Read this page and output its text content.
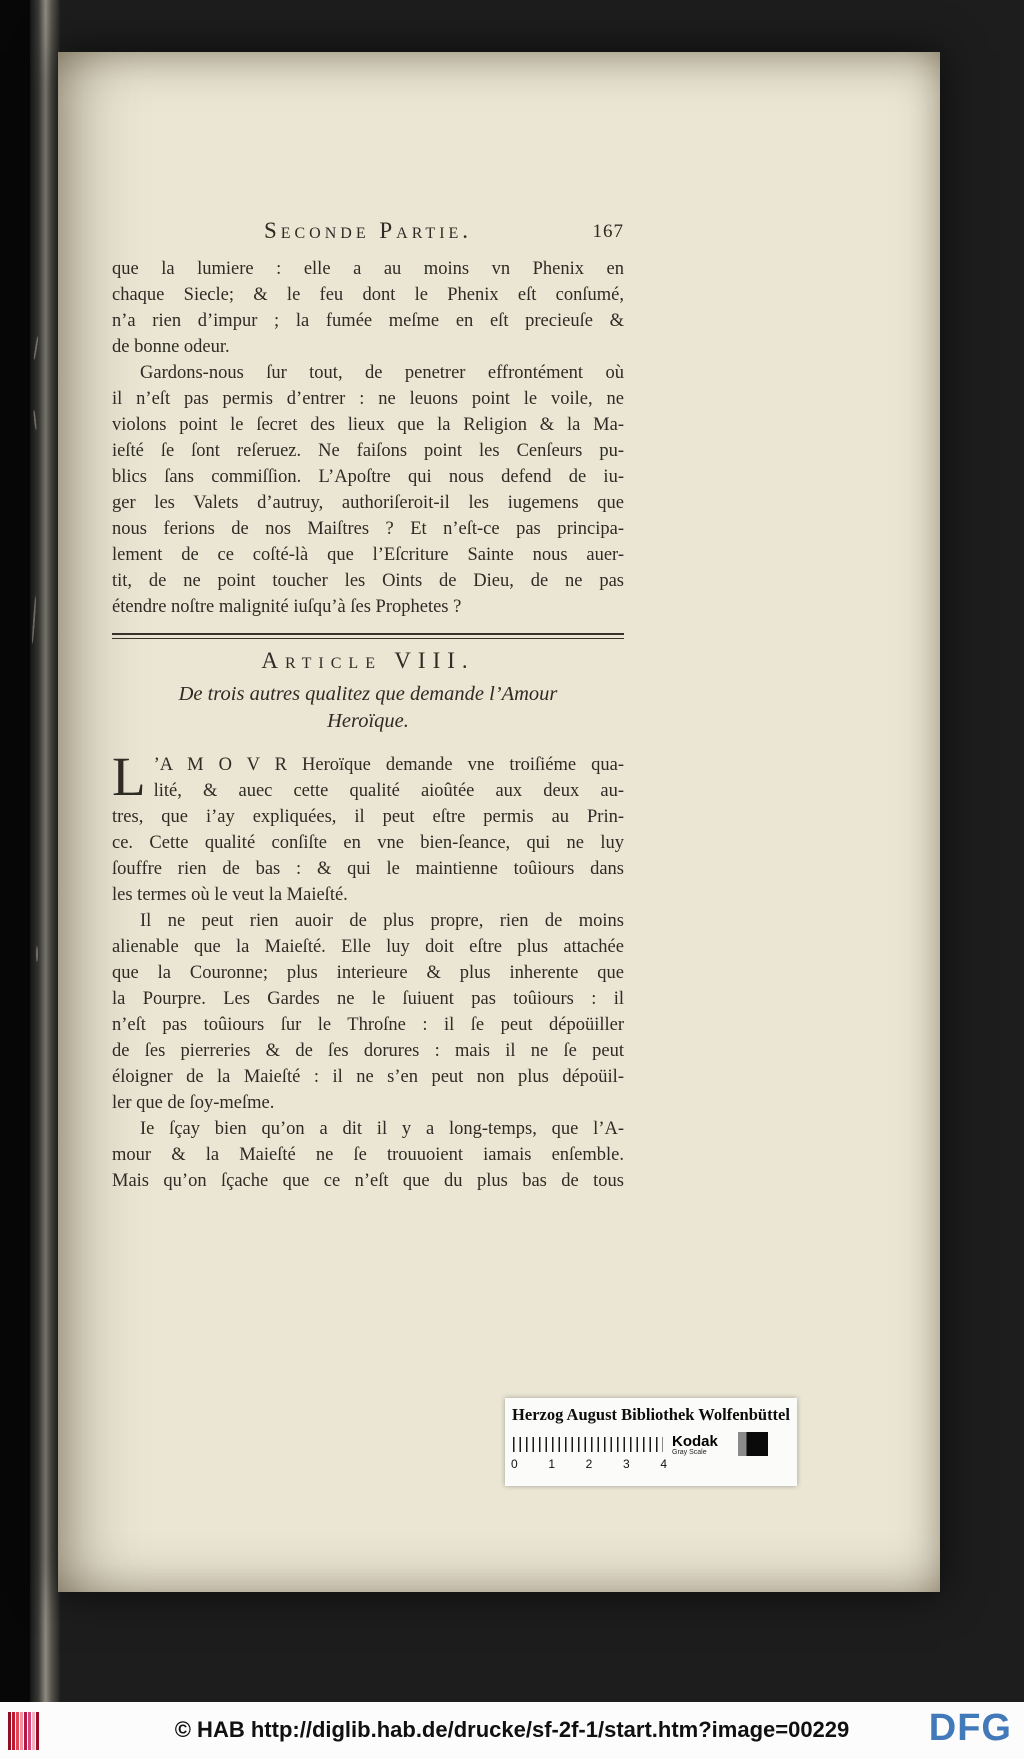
Seconde Partie.	167
que la lumiere : elle a au moins vn Phenix en
chaque Siecle; & le feu dont le Phenix eſt conſumé,
n’a rien d’impur ; la fumée meſme en eſt precieuſe &
de bonne odeur.
Gardons-nous ſur tout, de penetrer effrontément où
il n’eſt pas permis d’entrer : ne leuons point le voile, ne
violons point le ſecret des lieux que la Religion & la Ma-
ieſté ſe ſont reſeruez. Ne faiſons point les Cenſeurs pu-
blics ſans commiſſion. L’Apoſtre qui nous defend de iu-
ger les Valets d’autruy, authoriſeroit-il les iugemens que
nous ferions de nos Maiſtres ? Et n’eſt-ce pas principa-
lement de ce coſté-là que l’Eſcriture Sainte nous auer-
tit, de ne point toucher les Oints de Dieu, de ne pas
étendre noſtre malignité iuſqu’à ſes Prophetes ?
Article VIII.
De trois autres qualitez que demande l’Amour
Heroïque.
L ’A M O V R Heroïque demande vne troiſiéme qua-
lité, & auec cette qualité aioûtée aux deux au-
tres, que i’ay expliquées, il peut eſtre permis au Prin-
ce. Cette qualité conſiſte en vne bien-ſeance, qui ne luy
ſouffre rien de bas : & qui le maintienne toûiours dans
les termes où le veut la Maieſté.
Il ne peut rien auoir de plus propre, rien de moins
alienable que la Maieſté. Elle luy doit eſtre plus attachée
que la Couronne; plus interieure & plus inherente que
la Pourpre. Les Gardes ne le ſuiuent pas toûiours : il
n’eſt pas toûiours ſur le Throſne : il ſe peut dépoüiller
de ſes pierreries & de ſes dorures : mais il ne ſe peut
éloigner de la Maieſté : il ne s’en peut non plus dépoüil-
ler que de ſoy-meſme.
Ie ſçay bien qu’on a dit il y a long-temps, que l’A-
mour & la Maieſté ne ſe trouuoient iamais enſemble.
Mais qu’on ſçache que ce n’eſt que du plus bas de tous
Herzog August Bibliothek Wolfenbüttel
Kodak
Gray Scale
0	1	2	3	4
© HAB http://diglib.hab.de/drucke/sf-2f-1/start.htm?image=00229	DFG
